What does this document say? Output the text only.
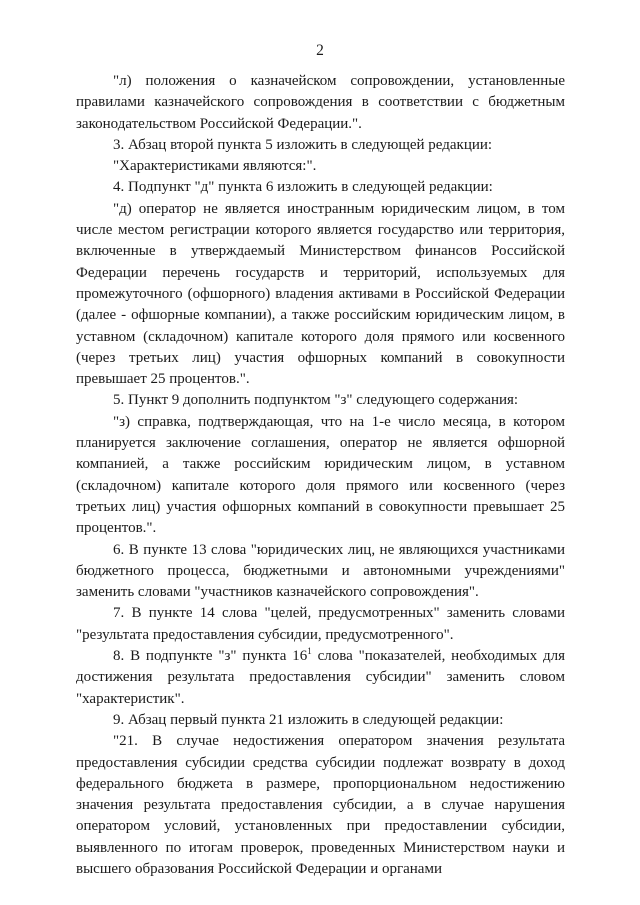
2

"л) положения о казначейском сопровождении, установленные правилами казначейского сопровождения в соответствии с бюджетным законодательством Российской Федерации.".

3. Абзац второй пункта 5 изложить в следующей редакции:

"Характеристиками являются:".

4. Подпункт "д" пункта 6 изложить в следующей редакции:

"д) оператор не является иностранным юридическим лицом, в том числе местом регистрации которого является государство или территория, включенные в утверждаемый Министерством финансов Российской Федерации перечень государств и территорий, используемых для промежуточного (офшорного) владения активами в Российской Федерации (далее - офшорные компании), а также российским юридическим лицом, в уставном (складочном) капитале которого доля прямого или косвенного (через третьих лиц) участия офшорных компаний в совокупности превышает 25 процентов.".

5. Пункт 9 дополнить подпунктом "з" следующего содержания:

"з) справка, подтверждающая, что на 1-е число месяца, в котором планируется заключение соглашения, оператор не является офшорной компанией, а также российским юридическим лицом, в уставном (складочном) капитале которого доля прямого или косвенного (через третьих лиц) участия офшорных компаний в совокупности превышает 25 процентов.".

6. В пункте 13 слова "юридических лиц, не являющихся участниками бюджетного процесса, бюджетными и автономными учреждениями" заменить словами "участников казначейского сопровождения".

7. В пункте 14 слова "целей, предусмотренных" заменить словами "результата предоставления субсидии, предусмотренного".

8. В подпункте "з" пункта $16^1$ слова "показателей, необходимых для достижения результата предоставления субсидии" заменить словом "характеристик".

9. Абзац первый пункта 21 изложить в следующей редакции:

"21. В случае недостижения оператором значения результата предоставления субсидии средства субсидии подлежат возврату в доход федерального бюджета в размере, пропорциональном недостижению значения результата предоставления субсидии, а в случае нарушения оператором условий, установленных при предоставлении субсидии, выявленного по итогам проверок, проведенных Министерством науки и высшего образования Российской Федерации и органами
